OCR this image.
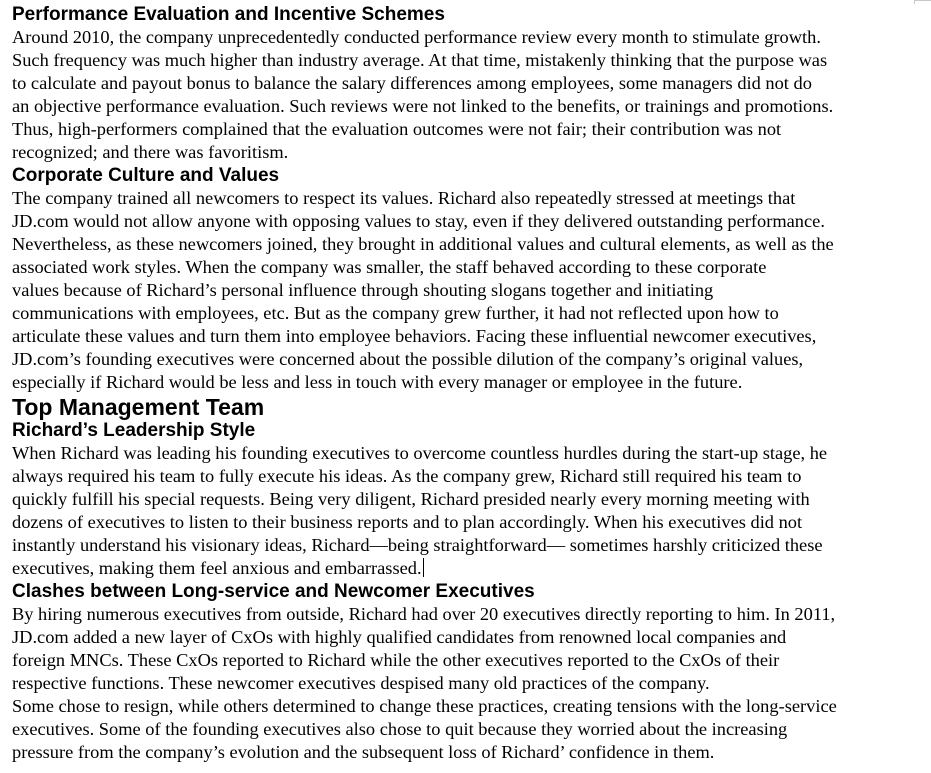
Performance Evaluation and Incentive Schemes
Around 2010, the company unprecedentedly conducted performance review every month to stimulate growth.
Such frequency was much higher than industry average. At that time, mistakenly thinking that the purpose was
to calculate and payout bonus to balance the salary differences among employees, some managers did not do
an objective performance evaluation. Such reviews were not linked to the benefits, or trainings and promotions.
Thus, high-performers complained that the evaluation outcomes were not fair; their contribution was not
recognized; and there was favoritism.
Corporate Culture and Values
The company trained all newcomers to respect its values. Richard also repeatedly stressed at meetings that
JD.com would not allow anyone with opposing values to stay, even if they delivered outstanding performance.
Nevertheless, as these newcomers joined, they brought in additional values and cultural elements, as well as the
associated work styles. When the company was smaller, the staff behaved according to these corporate
values because of Richard’s personal influence through shouting slogans together and initiating
communications with employees, etc. But as the company grew further, it had not reflected upon how to
articulate these values and turn them into employee behaviors. Facing these influential newcomer executives,
JD.com’s founding executives were concerned about the possible dilution of the company’s original values,
especially if Richard would be less and less in touch with every manager or employee in the future.
Top Management Team
Richard’s Leadership Style
When Richard was leading his founding executives to overcome countless hurdles during the start-up stage, he
always required his team to fully execute his ideas. As the company grew, Richard still required his team to
quickly fulfill his special requests. Being very diligent, Richard presided nearly every morning meeting with
dozens of executives to listen to their business reports and to plan accordingly. When his executives did not
instantly understand his visionary ideas, Richard—being straightforward— sometimes harshly criticized these
executives, making them feel anxious and embarrassed.
Clashes between Long-service and Newcomer Executives
By hiring numerous executives from outside, Richard had over 20 executives directly reporting to him. In 2011,
JD.com added a new layer of CxOs with highly qualified candidates from renowned local companies and
foreign MNCs. These CxOs reported to Richard while the other executives reported to the CxOs of their
respective functions. These newcomer executives despised many old practices of the company.
Some chose to resign, while others determined to change these practices, creating tensions with the long-service
executives. Some of the founding executives also chose to quit because they worried about the increasing
pressure from the company’s evolution and the subsequent loss of Richard’ confidence in them.
